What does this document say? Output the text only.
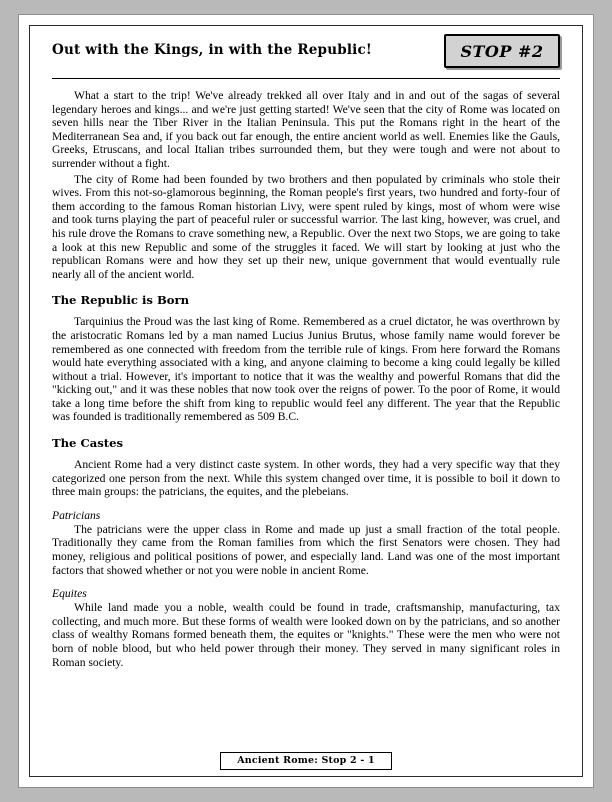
Out with the Kings, in with the Republic!	STOP #2

What a start to the trip! We've already trekked all over Italy and in and out of the sagas of several legendary heroes and kings... and we're just getting started! We've seen that the city of Rome was located on seven hills near the Tiber River in the Italian Peninsula. This put the Romans right in the heart of the Mediterranean Sea and, if you back out far enough, the entire ancient world as well. Enemies like the Gauls, Greeks, Etruscans, and local Italian tribes surrounded them, but they were tough and were not about to surrender without a fight.

The city of Rome had been founded by two brothers and then populated by criminals who stole their wives. From this not-so-glamorous beginning, the Roman people's first years, two hundred and forty-four of them according to the famous Roman historian Livy, were spent ruled by kings, most of whom were wise and took turns playing the part of peaceful ruler or successful warrior. The last king, however, was cruel, and his rule drove the Romans to crave something new, a Republic. Over the next two Stops, we are going to take a look at this new Republic and some of the struggles it faced. We will start by looking at just who the republican Romans were and how they set up their new, unique government that would eventually rule nearly all of the ancient world.

The Republic is Born

Tarquinius the Proud was the last king of Rome. Remembered as a cruel dictator, he was overthrown by the aristocratic Romans led by a man named Lucius Junius Brutus, whose family name would forever be remembered as one connected with freedom from the terrible rule of kings. From here forward the Romans would hate everything associated with a king, and anyone claiming to become a king could legally be killed without a trial. However, it's important to notice that it was the wealthy and powerful Romans that did the "kicking out," and it was these nobles that now took over the reigns of power. To the poor of Rome, it would take a long time before the shift from king to republic would feel any different. The year that the Republic was founded is traditionally remembered as 509 B.C.

The Castes

Ancient Rome had a very distinct caste system. In other words, they had a very specific way that they categorized one person from the next. While this system changed over time, it is possible to boil it down to three main groups: the patricians, the equites, and the plebeians.

Patricians

The patricians were the upper class in Rome and made up just a small fraction of the total people. Traditionally they came from the Roman families from which the first Senators were chosen. They had money, religious and political positions of power, and especially land. Land was one of the most important factors that showed whether or not you were noble in ancient Rome.

Equites

While land made you a noble, wealth could be found in trade, craftsmanship, manufacturing, tax collecting, and much more. But these forms of wealth were looked down on by the patricians, and so another class of wealthy Romans formed beneath them, the equites or "knights." These were the men who were not born of noble blood, but who held power through their money. They served in many significant roles in Roman society.

Ancient Rome: Stop 2 - 1
